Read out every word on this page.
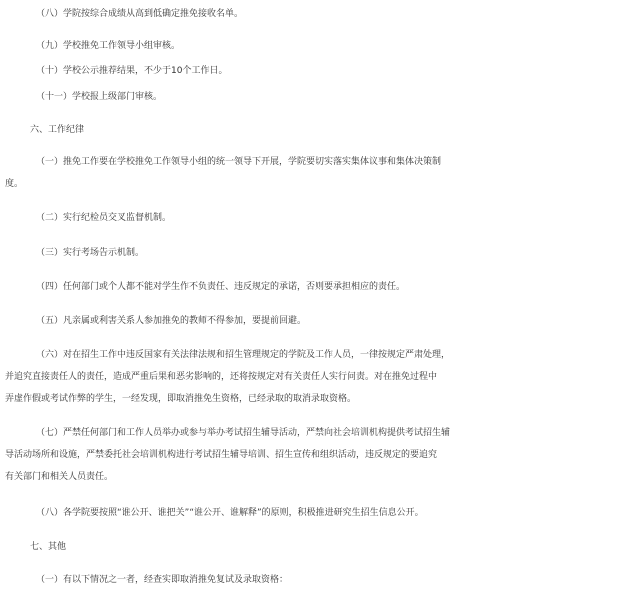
（八）学院按综合成绩从高到低确定推免接收名单。

（九）学校推免工作领导小组审核。

（十）学校公示推荐结果，不少于10个工作日。

（十一）学校报上级部门审核。

六、工作纪律

（一）推免工作要在学校推免工作领导小组的统一领导下开展，学院要切实落实集体议事和集体决策制

度。

（二）实行纪检员交叉监督机制。

（三）实行考场告示机制。

（四）任何部门或个人都不能对学生作不负责任、违反规定的承诺，否则要承担相应的责任。

（五）凡亲属或利害关系人参加推免的教师不得参加，要提前回避。

（六）对在招生工作中违反国家有关法律法规和招生管理规定的学院及工作人员，一律按规定严肃处理，

并追究直接责任人的责任，造成严重后果和恶劣影响的，还将按规定对有关责任人实行问责。对在推免过程中

弄虚作假或考试作弊的学生，一经发现，即取消推免生资格，已经录取的取消录取资格。

（七）严禁任何部门和工作人员举办或参与举办考试招生辅导活动，严禁向社会培训机构提供考试招生辅

导活动场所和设施，严禁委托社会培训机构进行考试招生辅导培训、招生宣传和组织活动，违反规定的要追究

有关部门和相关人员责任。

（八）各学院要按照“谁公开、谁把关”“谁公开、谁解释”的原则，积极推进研究生招生信息公开。

七、其他

（一）有以下情况之一者，经查实即取消推免复试及录取资格：
